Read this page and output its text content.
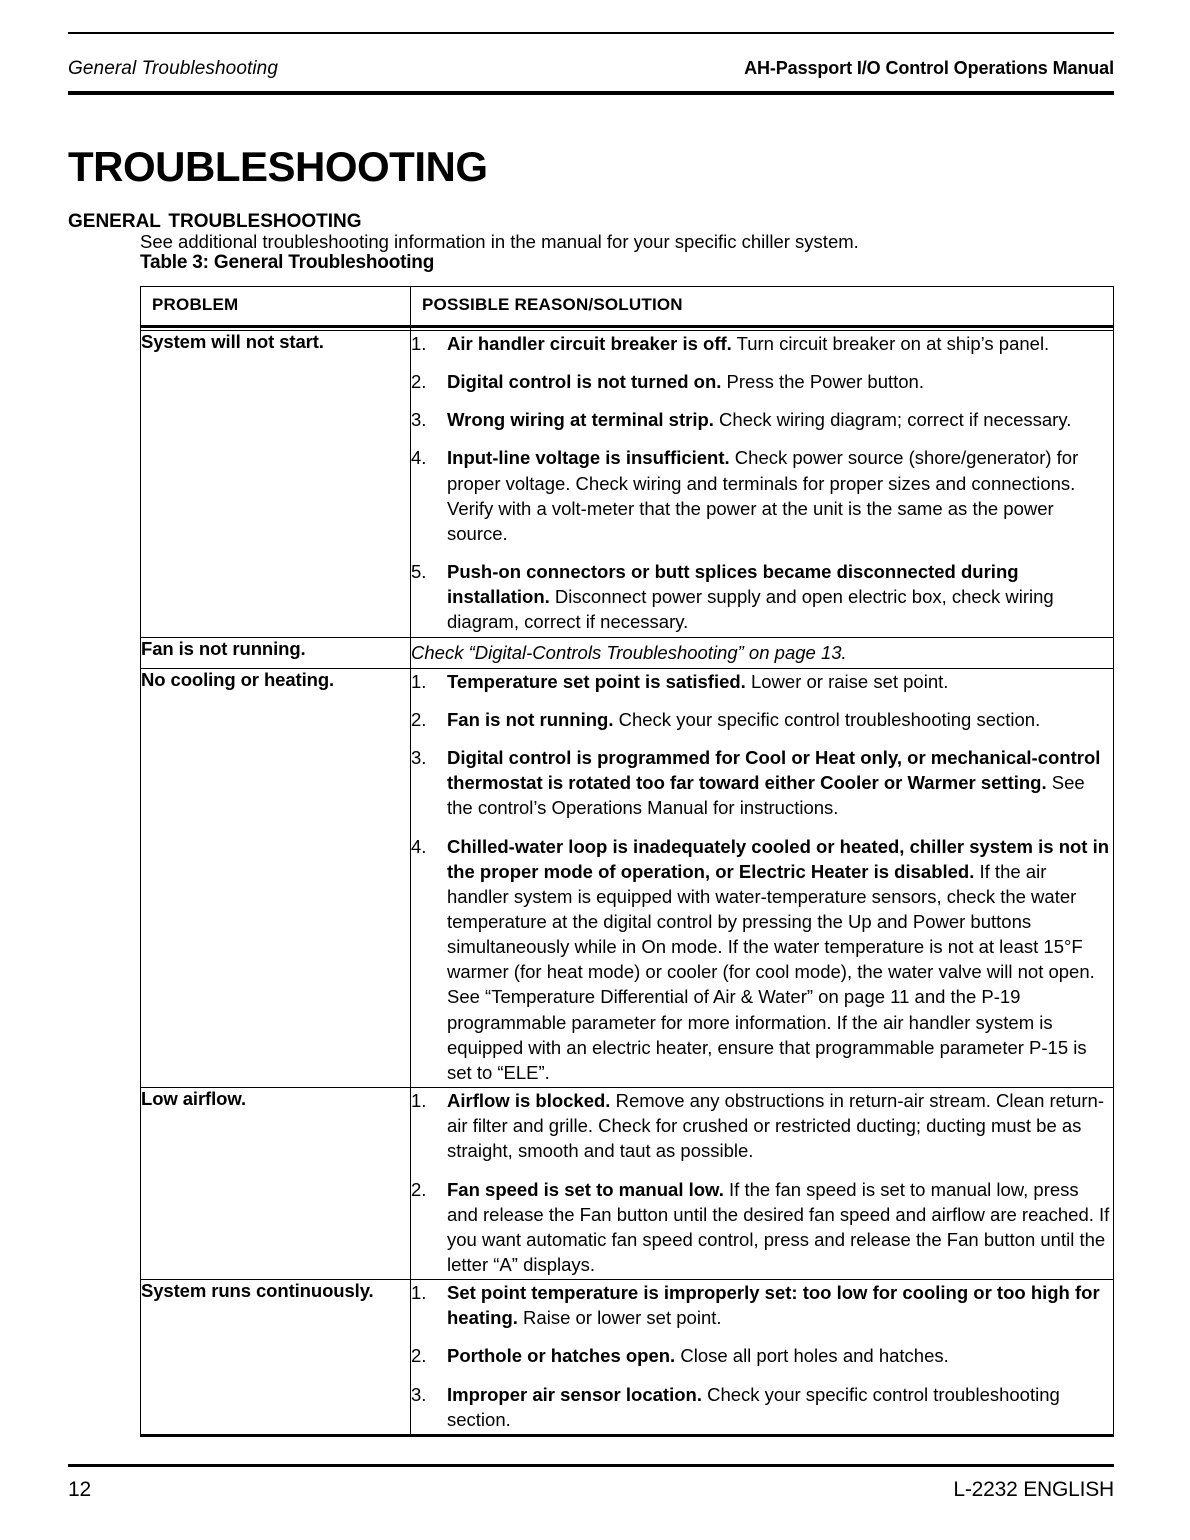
General Troubleshooting	AH-Passport I/O Control Operations Manual
TROUBLESHOOTING
general troubleshooting

See additional troubleshooting information in the manual for your specific chiller system.

Table 3: General Troubleshooting
PROBLEM	POSSIBLE REASON/SOLUTION

System will not start.	1.	Air handler circuit breaker is off. Turn circuit breaker on at ship’s panel.
2.	Digital control is not turned on. Press the Power button.
3.	Wrong wiring at terminal strip. Check wiring diagram; correct if necessary.
4.	Input-line voltage is insufficient. Check power source (shore/generator) for proper voltage. Check wiring and terminals for proper sizes and connections. Verify with a volt-meter that the power at the unit is the same as the power source.
5.	Push-on connectors or butt splices became disconnected during installation. Disconnect power supply and open electric box, check wiring diagram, correct if necessary.

Fan is not running.	Check “Digital-Controls Troubleshooting” on page 13.

No cooling or heating.	1.	Temperature set point is satisfied. Lower or raise set point.
2.	Fan is not running. Check your specific control troubleshooting section.
3.	Digital control is programmed for Cool or Heat only, or mechanical-control thermostat is rotated too far toward either Cooler or Warmer setting. See the control’s Operations Manual for instructions.
4.	Chilled-water loop is inadequately cooled or heated, chiller system is not in the proper mode of operation, or Electric Heater is disabled. If the air handler system is equipped with water-temperature sensors, check the water temperature at the digital control by pressing the Up and Power buttons simultaneously while in On mode. If the water temperature is not at least 15°F warmer (for heat mode) or cooler (for cool mode), the water valve will not open. See “Temperature Differential of Air & Water” on page 11 and the P-19 programmable parameter for more information. If the air handler system is equipped with an electric heater, ensure that programmable parameter P-15 is set to “ELE”.

Low airflow.	1.	Airflow is blocked. Remove any obstructions in return-air stream. Clean return-air filter and grille. Check for crushed or restricted ducting; ducting must be as straight, smooth and taut as possible.
2.	Fan speed is set to manual low. If the fan speed is set to manual low, press and release the Fan button until the desired fan speed and airflow are reached. If you want automatic fan speed control, press and release the Fan button until the letter “A” displays.

System runs continuously.	1.	Set point temperature is improperly set: too low for cooling or too high for heating. Raise or lower set point.
2.	Porthole or hatches open. Close all port holes and hatches.
3.	Improper air sensor location. Check your specific control troubleshooting section.
12	L-2232 ENGLISH
